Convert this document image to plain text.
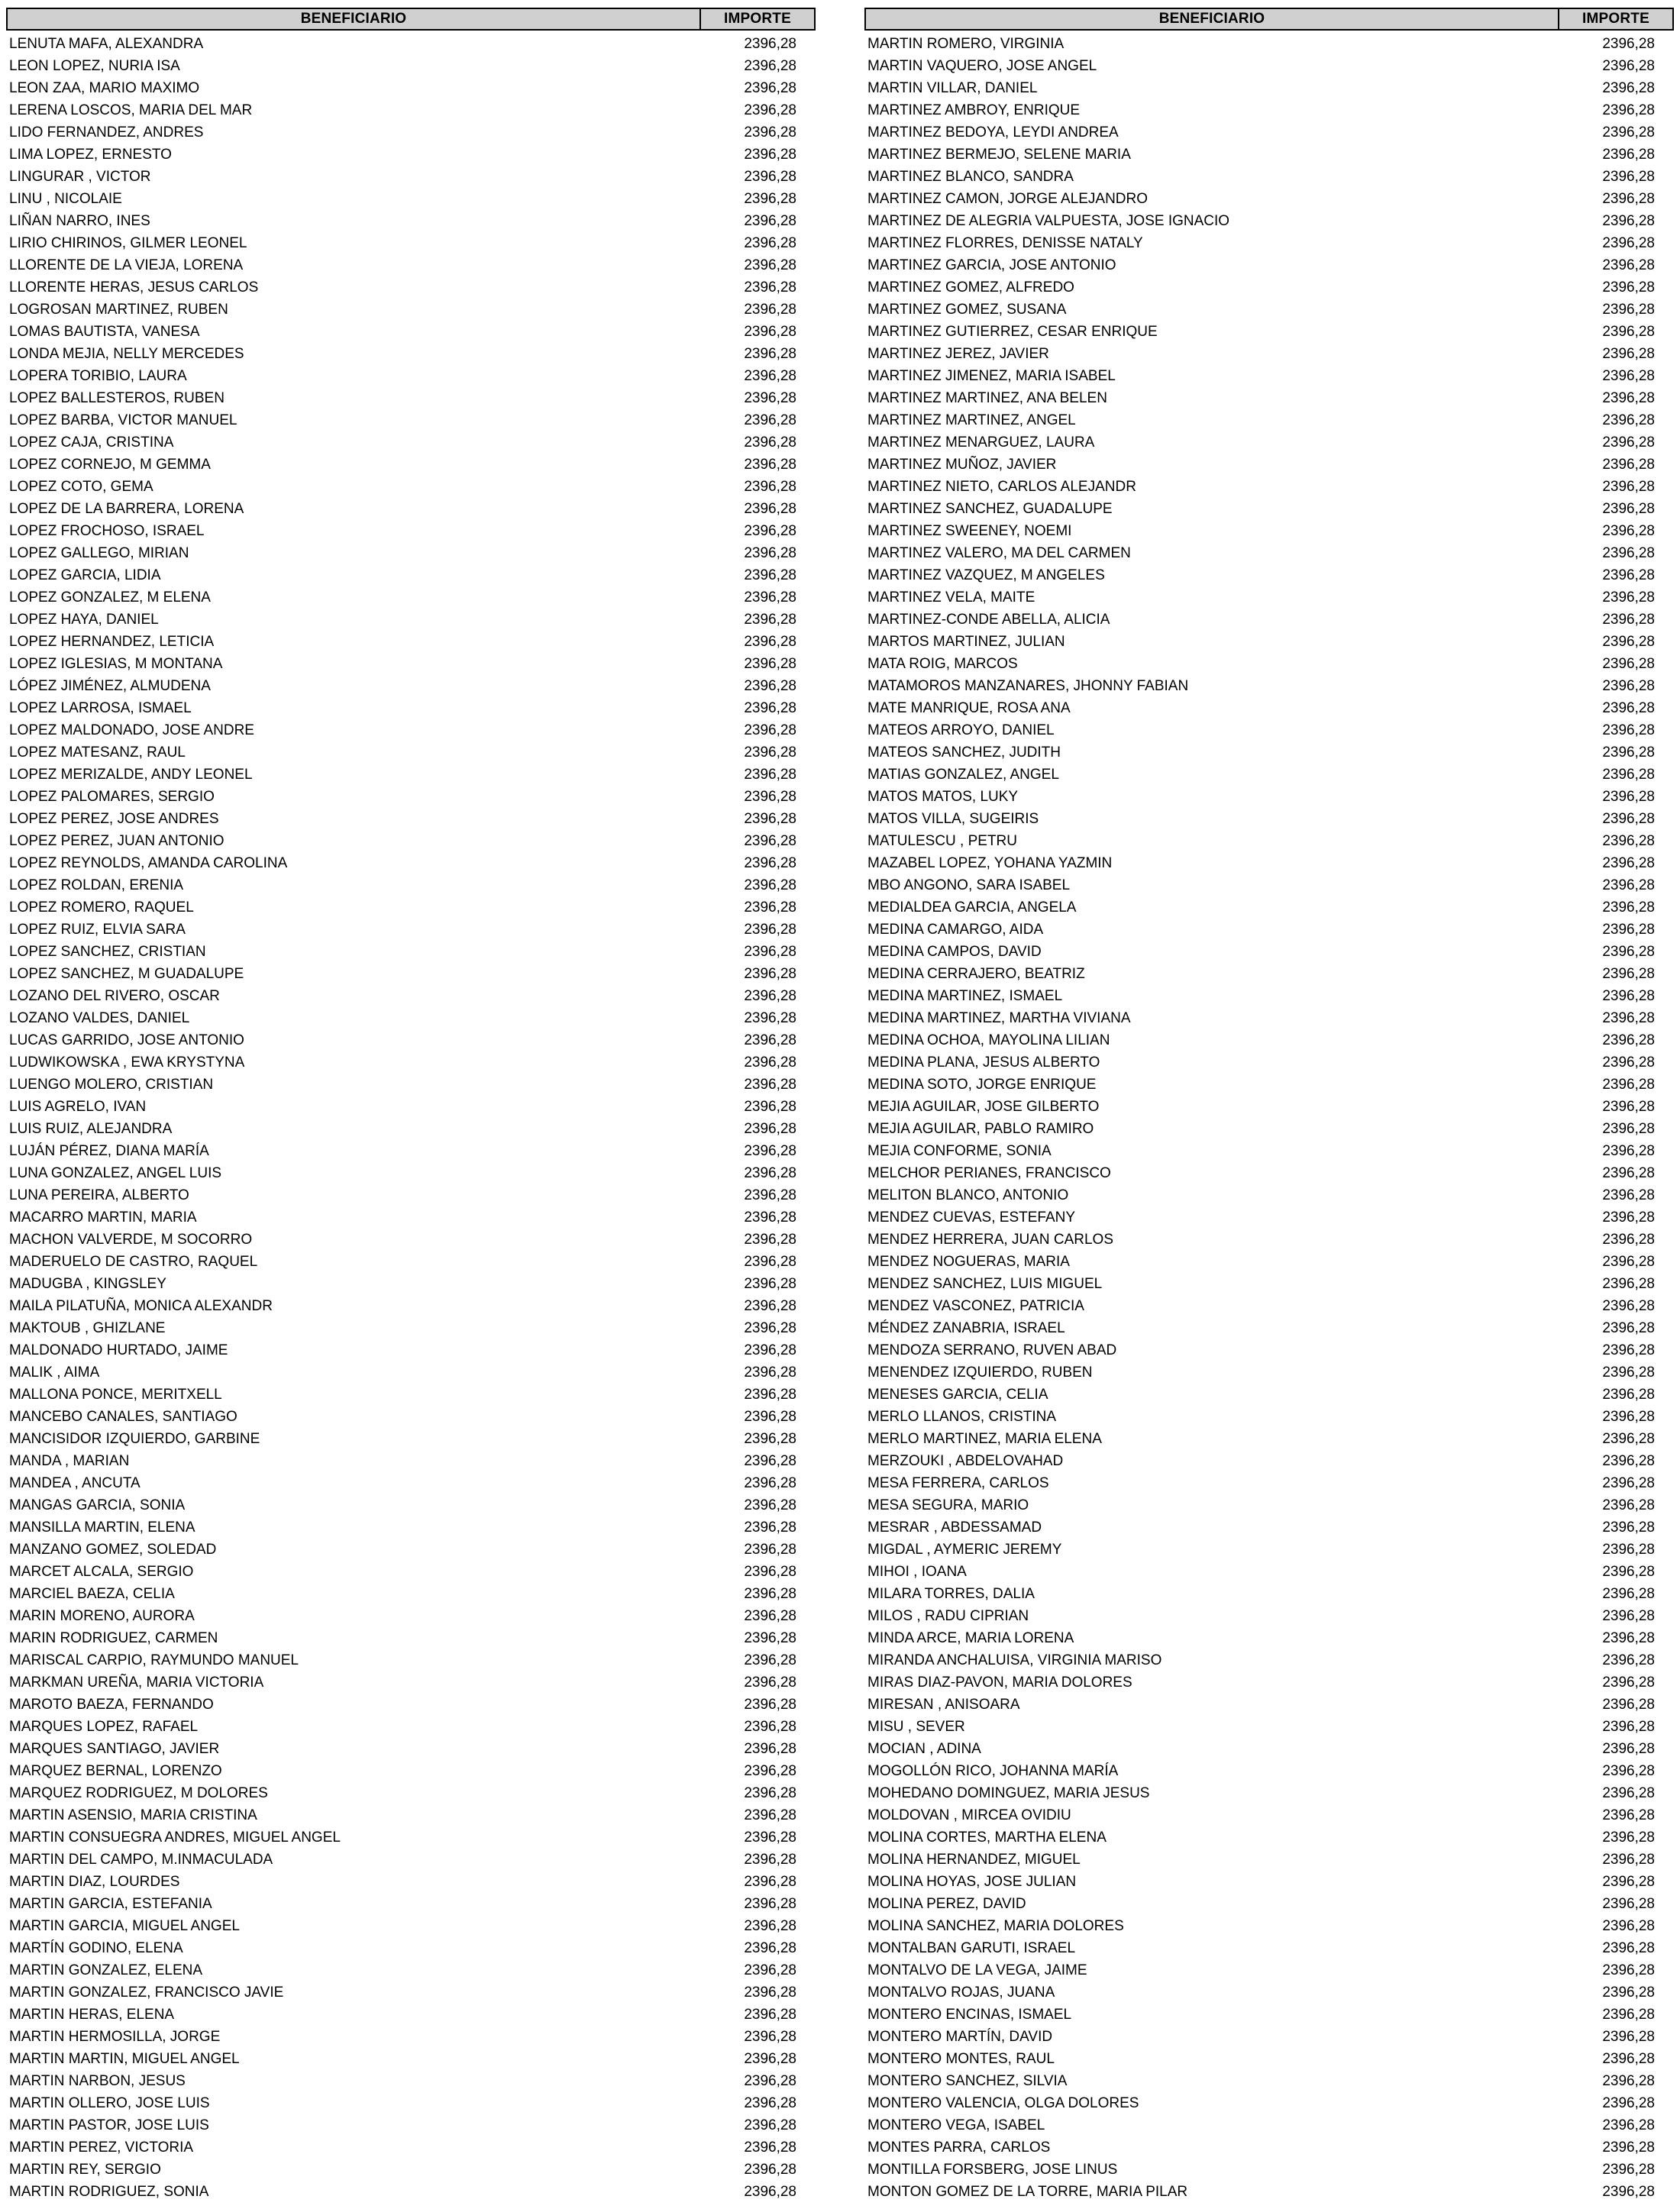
BENEFICIARIO	IMPORTE
LENUTA MAFA, ALEXANDRA	2396,28
LEON LOPEZ, NURIA ISA	2396,28
LEON ZAA, MARIO MAXIMO	2396,28
LERENA LOSCOS, MARIA DEL MAR	2396,28
LIDO FERNANDEZ, ANDRES	2396,28
LIMA LOPEZ, ERNESTO	2396,28
LINGURAR , VICTOR	2396,28
LINU , NICOLAIE	2396,28
LIÑAN NARRO, INES	2396,28
LIRIO CHIRINOS, GILMER LEONEL	2396,28
LLORENTE DE LA VIEJA, LORENA	2396,28
LLORENTE HERAS, JESUS CARLOS	2396,28
LOGROSAN MARTINEZ, RUBEN	2396,28
LOMAS BAUTISTA, VANESA	2396,28
LONDA MEJIA, NELLY MERCEDES	2396,28
LOPERA TORIBIO, LAURA	2396,28
LOPEZ BALLESTEROS, RUBEN	2396,28
LOPEZ BARBA, VICTOR MANUEL	2396,28
LOPEZ CAJA, CRISTINA	2396,28
LOPEZ CORNEJO, M GEMMA	2396,28
LOPEZ COTO, GEMA	2396,28
LOPEZ DE LA BARRERA, LORENA	2396,28
LOPEZ FROCHOSO, ISRAEL	2396,28
LOPEZ GALLEGO, MIRIAN	2396,28
LOPEZ GARCIA, LIDIA	2396,28
LOPEZ GONZALEZ, M ELENA	2396,28
LOPEZ HAYA, DANIEL	2396,28
LOPEZ HERNANDEZ, LETICIA	2396,28
LOPEZ IGLESIAS, M MONTANA	2396,28
LÓPEZ JIMÉNEZ, ALMUDENA	2396,28
LOPEZ LARROSA, ISMAEL	2396,28
LOPEZ MALDONADO, JOSE ANDRE	2396,28
LOPEZ MATESANZ, RAUL	2396,28
LOPEZ MERIZALDE, ANDY LEONEL	2396,28
LOPEZ PALOMARES, SERGIO	2396,28
LOPEZ PEREZ, JOSE ANDRES	2396,28
LOPEZ PEREZ, JUAN ANTONIO	2396,28
LOPEZ REYNOLDS, AMANDA CAROLINA	2396,28
LOPEZ ROLDAN, ERENIA	2396,28
LOPEZ ROMERO, RAQUEL	2396,28
LOPEZ RUIZ, ELVIA SARA	2396,28
LOPEZ SANCHEZ, CRISTIAN	2396,28
LOPEZ SANCHEZ, M GUADALUPE	2396,28
LOZANO DEL RIVERO, OSCAR	2396,28
LOZANO VALDES, DANIEL	2396,28
LUCAS GARRIDO, JOSE ANTONIO	2396,28
LUDWIKOWSKA , EWA KRYSTYNA	2396,28
LUENGO MOLERO, CRISTIAN	2396,28
LUIS AGRELO, IVAN	2396,28
LUIS RUIZ, ALEJANDRA	2396,28
LUJÁN PÉREZ, DIANA MARÍA	2396,28
LUNA GONZALEZ, ANGEL LUIS	2396,28
LUNA PEREIRA, ALBERTO	2396,28
MACARRO MARTIN, MARIA	2396,28
MACHON VALVERDE, M SOCORRO	2396,28
MADERUELO DE CASTRO, RAQUEL	2396,28
MADUGBA , KINGSLEY	2396,28
MAILA PILATUÑA, MONICA ALEXANDR	2396,28
MAKTOUB , GHIZLANE	2396,28
MALDONADO HURTADO, JAIME	2396,28
MALIK , AIMA	2396,28
MALLONA PONCE, MERITXELL	2396,28
MANCEBO CANALES, SANTIAGO	2396,28
MANCISIDOR IZQUIERDO, GARBINE	2396,28
MANDA , MARIAN	2396,28
MANDEA , ANCUTA	2396,28
MANGAS GARCIA, SONIA	2396,28
MANSILLA MARTIN, ELENA	2396,28
MANZANO GOMEZ, SOLEDAD	2396,28
MARCET ALCALA, SERGIO	2396,28
MARCIEL BAEZA, CELIA	2396,28
MARIN MORENO, AURORA	2396,28
MARIN RODRIGUEZ, CARMEN	2396,28
MARISCAL CARPIO, RAYMUNDO MANUEL	2396,28
MARKMAN UREÑA, MARIA VICTORIA	2396,28
MAROTO BAEZA, FERNANDO	2396,28
MARQUES LOPEZ, RAFAEL	2396,28
MARQUES SANTIAGO, JAVIER	2396,28
MARQUEZ BERNAL, LORENZO	2396,28
MARQUEZ RODRIGUEZ, M DOLORES	2396,28
MARTIN ASENSIO, MARIA CRISTINA	2396,28
MARTIN CONSUEGRA ANDRES, MIGUEL ANGEL	2396,28
MARTIN DEL CAMPO, M.INMACULADA	2396,28
MARTIN DIAZ, LOURDES	2396,28
MARTIN GARCIA, ESTEFANIA	2396,28
MARTIN GARCIA, MIGUEL ANGEL	2396,28
MARTÍN GODINO, ELENA	2396,28
MARTIN GONZALEZ, ELENA	2396,28
MARTIN GONZALEZ, FRANCISCO JAVIE	2396,28
MARTIN HERAS, ELENA	2396,28
MARTIN HERMOSILLA, JORGE	2396,28
MARTIN MARTIN, MIGUEL ANGEL	2396,28
MARTIN NARBON, JESUS	2396,28
MARTIN OLLERO, JOSE LUIS	2396,28
MARTIN PASTOR, JOSE LUIS	2396,28
MARTIN PEREZ, VICTORIA	2396,28
MARTIN REY, SERGIO	2396,28
MARTIN RODRIGUEZ, SONIA	2396,28
BENEFICIARIO	IMPORTE
MARTIN ROMERO, VIRGINIA	2396,28
MARTIN VAQUERO, JOSE ANGEL	2396,28
MARTIN VILLAR, DANIEL	2396,28
MARTINEZ AMBROY, ENRIQUE	2396,28
MARTINEZ BEDOYA, LEYDI ANDREA	2396,28
MARTINEZ BERMEJO, SELENE MARIA	2396,28
MARTINEZ BLANCO, SANDRA	2396,28
MARTINEZ CAMON, JORGE ALEJANDRO	2396,28
MARTINEZ DE ALEGRIA VALPUESTA, JOSE IGNACIO	2396,28
MARTINEZ FLORRES, DENISSE NATALY	2396,28
MARTINEZ GARCIA, JOSE ANTONIO	2396,28
MARTINEZ GOMEZ, ALFREDO	2396,28
MARTINEZ GOMEZ, SUSANA	2396,28
MARTINEZ GUTIERREZ, CESAR ENRIQUE	2396,28
MARTINEZ JEREZ, JAVIER	2396,28
MARTINEZ JIMENEZ, MARIA ISABEL	2396,28
MARTINEZ MARTINEZ, ANA BELEN	2396,28
MARTINEZ MARTINEZ, ANGEL	2396,28
MARTINEZ MENARGUEZ, LAURA	2396,28
MARTINEZ MUÑOZ, JAVIER	2396,28
MARTINEZ NIETO, CARLOS ALEJANDR	2396,28
MARTINEZ SANCHEZ, GUADALUPE	2396,28
MARTINEZ SWEENEY, NOEMI	2396,28
MARTINEZ VALERO, MA DEL CARMEN	2396,28
MARTINEZ VAZQUEZ, M ANGELES	2396,28
MARTINEZ VELA, MAITE	2396,28
MARTINEZ-CONDE ABELLA, ALICIA	2396,28
MARTOS MARTINEZ, JULIAN	2396,28
MATA ROIG, MARCOS	2396,28
MATAMOROS MANZANARES, JHONNY FABIAN	2396,28
MATE MANRIQUE, ROSA ANA	2396,28
MATEOS ARROYO, DANIEL	2396,28
MATEOS SANCHEZ, JUDITH	2396,28
MATIAS GONZALEZ, ANGEL	2396,28
MATOS MATOS, LUKY	2396,28
MATOS VILLA, SUGEIRIS	2396,28
MATULESCU , PETRU	2396,28
MAZABEL LOPEZ, YOHANA YAZMIN	2396,28
MBO ANGONO, SARA ISABEL	2396,28
MEDIALDEA GARCIA, ANGELA	2396,28
MEDINA CAMARGO, AIDA	2396,28
MEDINA CAMPOS, DAVID	2396,28
MEDINA CERRAJERO, BEATRIZ	2396,28
MEDINA MARTINEZ, ISMAEL	2396,28
MEDINA MARTINEZ, MARTHA VIVIANA	2396,28
MEDINA OCHOA, MAYOLINA LILIAN	2396,28
MEDINA PLANA, JESUS ALBERTO	2396,28
MEDINA SOTO, JORGE ENRIQUE	2396,28
MEJIA AGUILAR, JOSE GILBERTO	2396,28
MEJIA AGUILAR, PABLO RAMIRO	2396,28
MEJIA CONFORME, SONIA	2396,28
MELCHOR PERIANES, FRANCISCO	2396,28
MELITON BLANCO, ANTONIO	2396,28
MENDEZ CUEVAS, ESTEFANY	2396,28
MENDEZ HERRERA, JUAN CARLOS	2396,28
MENDEZ NOGUERAS, MARIA	2396,28
MENDEZ SANCHEZ, LUIS MIGUEL	2396,28
MENDEZ VASCONEZ, PATRICIA	2396,28
MÉNDEZ ZANABRIA, ISRAEL	2396,28
MENDOZA SERRANO, RUVEN ABAD	2396,28
MENENDEZ IZQUIERDO, RUBEN	2396,28
MENESES GARCIA, CELIA	2396,28
MERLO LLANOS, CRISTINA	2396,28
MERLO MARTINEZ, MARIA ELENA	2396,28
MERZOUKI , ABDELOVAHAD	2396,28
MESA FERRERA, CARLOS	2396,28
MESA SEGURA, MARIO	2396,28
MESRAR , ABDESSAMAD	2396,28
MIGDAL , AYMERIC JEREMY	2396,28
MIHOI , IOANA	2396,28
MILARA TORRES, DALIA	2396,28
MILOS , RADU CIPRIAN	2396,28
MINDA ARCE, MARIA LORENA	2396,28
MIRANDA ANCHALUISA, VIRGINIA MARISO	2396,28
MIRAS DIAZ-PAVON, MARIA DOLORES	2396,28
MIRESAN , ANISOARA	2396,28
MISU , SEVER	2396,28
MOCIAN , ADINA	2396,28
MOGOLLÓN RICO, JOHANNA MARÍA	2396,28
MOHEDANO DOMINGUEZ, MARIA JESUS	2396,28
MOLDOVAN , MIRCEA OVIDIU	2396,28
MOLINA CORTES, MARTHA ELENA	2396,28
MOLINA HERNANDEZ, MIGUEL	2396,28
MOLINA HOYAS, JOSE JULIAN	2396,28
MOLINA PEREZ, DAVID	2396,28
MOLINA SANCHEZ, MARIA DOLORES	2396,28
MONTALBAN GARUTI, ISRAEL	2396,28
MONTALVO DE LA VEGA, JAIME	2396,28
MONTALVO ROJAS, JUANA	2396,28
MONTERO ENCINAS, ISMAEL	2396,28
MONTERO MARTÍN, DAVID	2396,28
MONTERO MONTES, RAUL	2396,28
MONTERO SANCHEZ, SILVIA	2396,28
MONTERO VALENCIA, OLGA DOLORES	2396,28
MONTERO VEGA, ISABEL	2396,28
MONTES PARRA, CARLOS	2396,28
MONTILLA FORSBERG, JOSE LINUS	2396,28
MONTON GOMEZ DE LA TORRE, MARIA PILAR	2396,28
